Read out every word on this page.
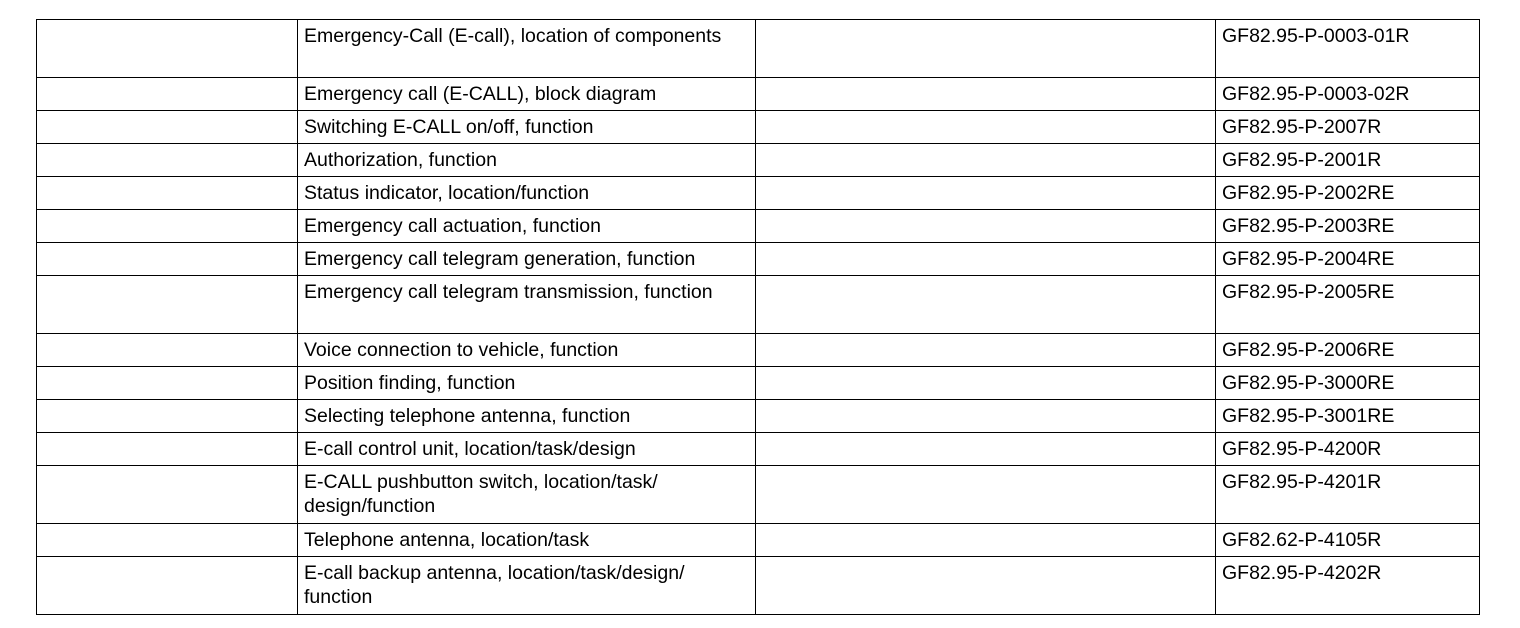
	Emergency-Call (E-call), location of components		GF82.95-P-0003-01R
	Emergency call (E-CALL), block diagram		GF82.95-P-0003-02R
	Switching E-CALL on/off, function		GF82.95-P-2007R
	Authorization, function		GF82.95-P-2001R
	Status indicator, location/function		GF82.95-P-2002RE
	Emergency call actuation, function		GF82.95-P-2003RE
	Emergency call telegram generation, function		GF82.95-P-2004RE
	Emergency call telegram transmission, function		GF82.95-P-2005RE
	Voice connection to vehicle, function		GF82.95-P-2006RE
	Position finding, function		GF82.95-P-3000RE
	Selecting telephone antenna, function		GF82.95-P-3001RE
	E-call control unit, location/task/design		GF82.95-P-4200R
	E-CALL pushbutton switch, location/task/ design/function		GF82.95-P-4201R
	Telephone antenna, location/task		GF82.62-P-4105R
	E-call backup antenna, location/task/design/ function		GF82.95-P-4202R
